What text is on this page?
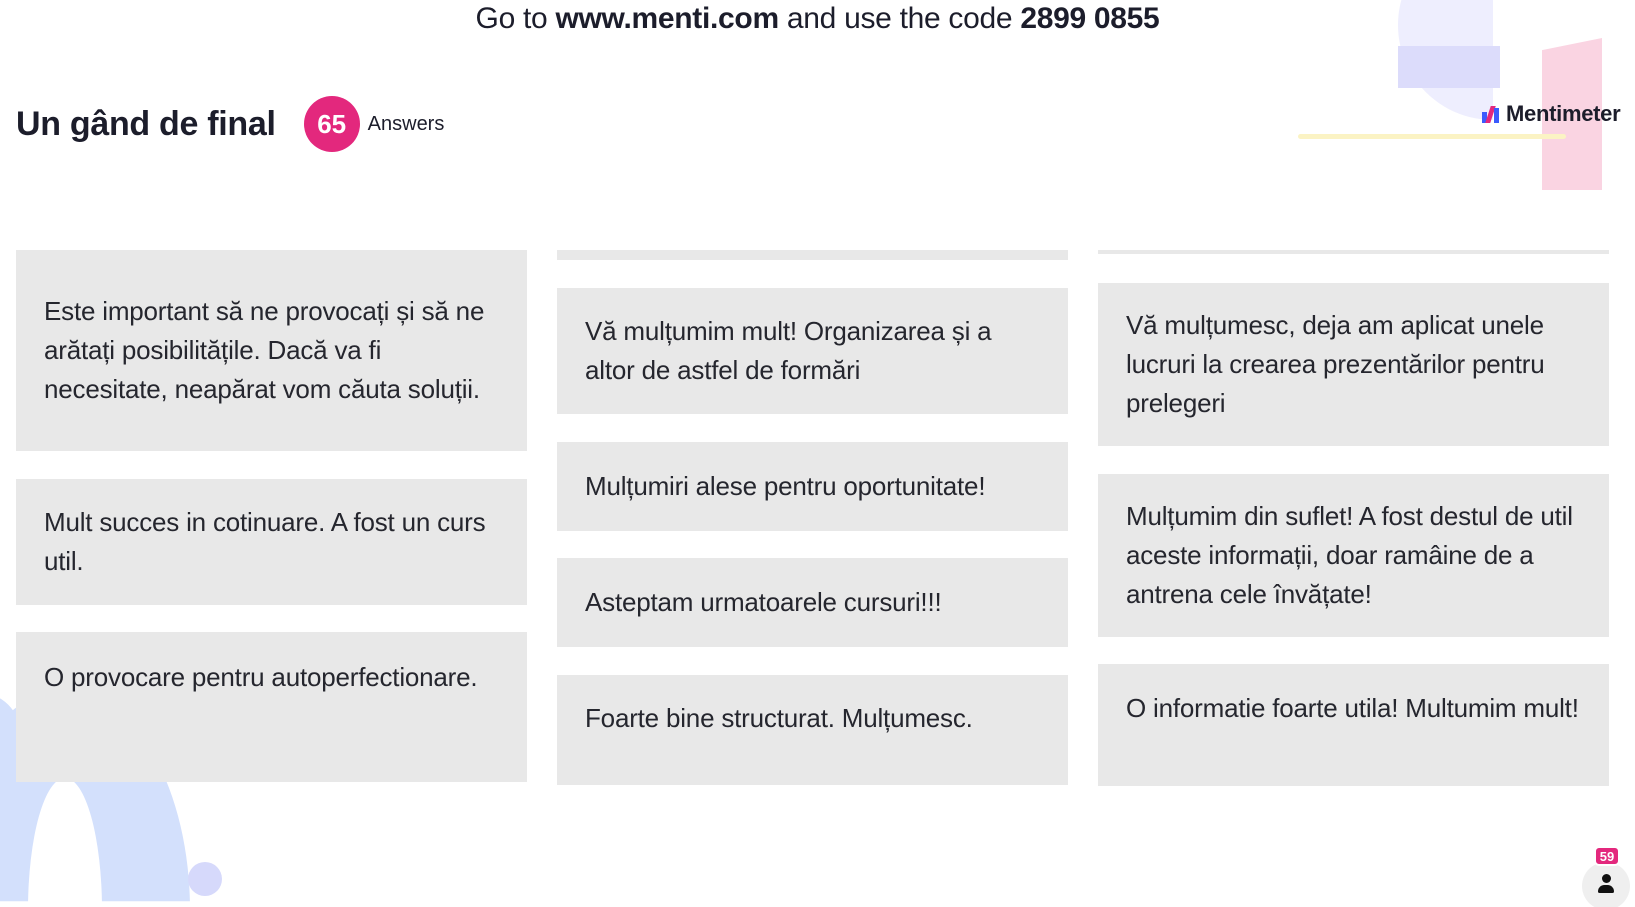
Go to www.menti.com and use the code 2899 0855
Un gând de final	65	Answers	Mentimeter
Este important să ne provocați și să ne arătați posibilitățile. Dacă va fi necesitate, neapărat vom căuta soluții.
Mult succes in cotinuare. A fost un curs util.
O provocare pentru autoperfectionare.
Vă mulțumim mult! Organizarea și a altor de astfel de formări
Mulțumiri alese pentru oportunitate!
Asteptam urmatoarele cursuri!!!
Foarte bine structurat. Mulțumesc.
Vă mulțumesc, deja am aplicat unele lucruri la crearea prezentărilor pentru prelegeri
Mulțumim din suflet! A fost destul de util aceste informații, doar ramâine de a antrena cele învățate!
O informatie foarte utila! Multumim mult!
59
